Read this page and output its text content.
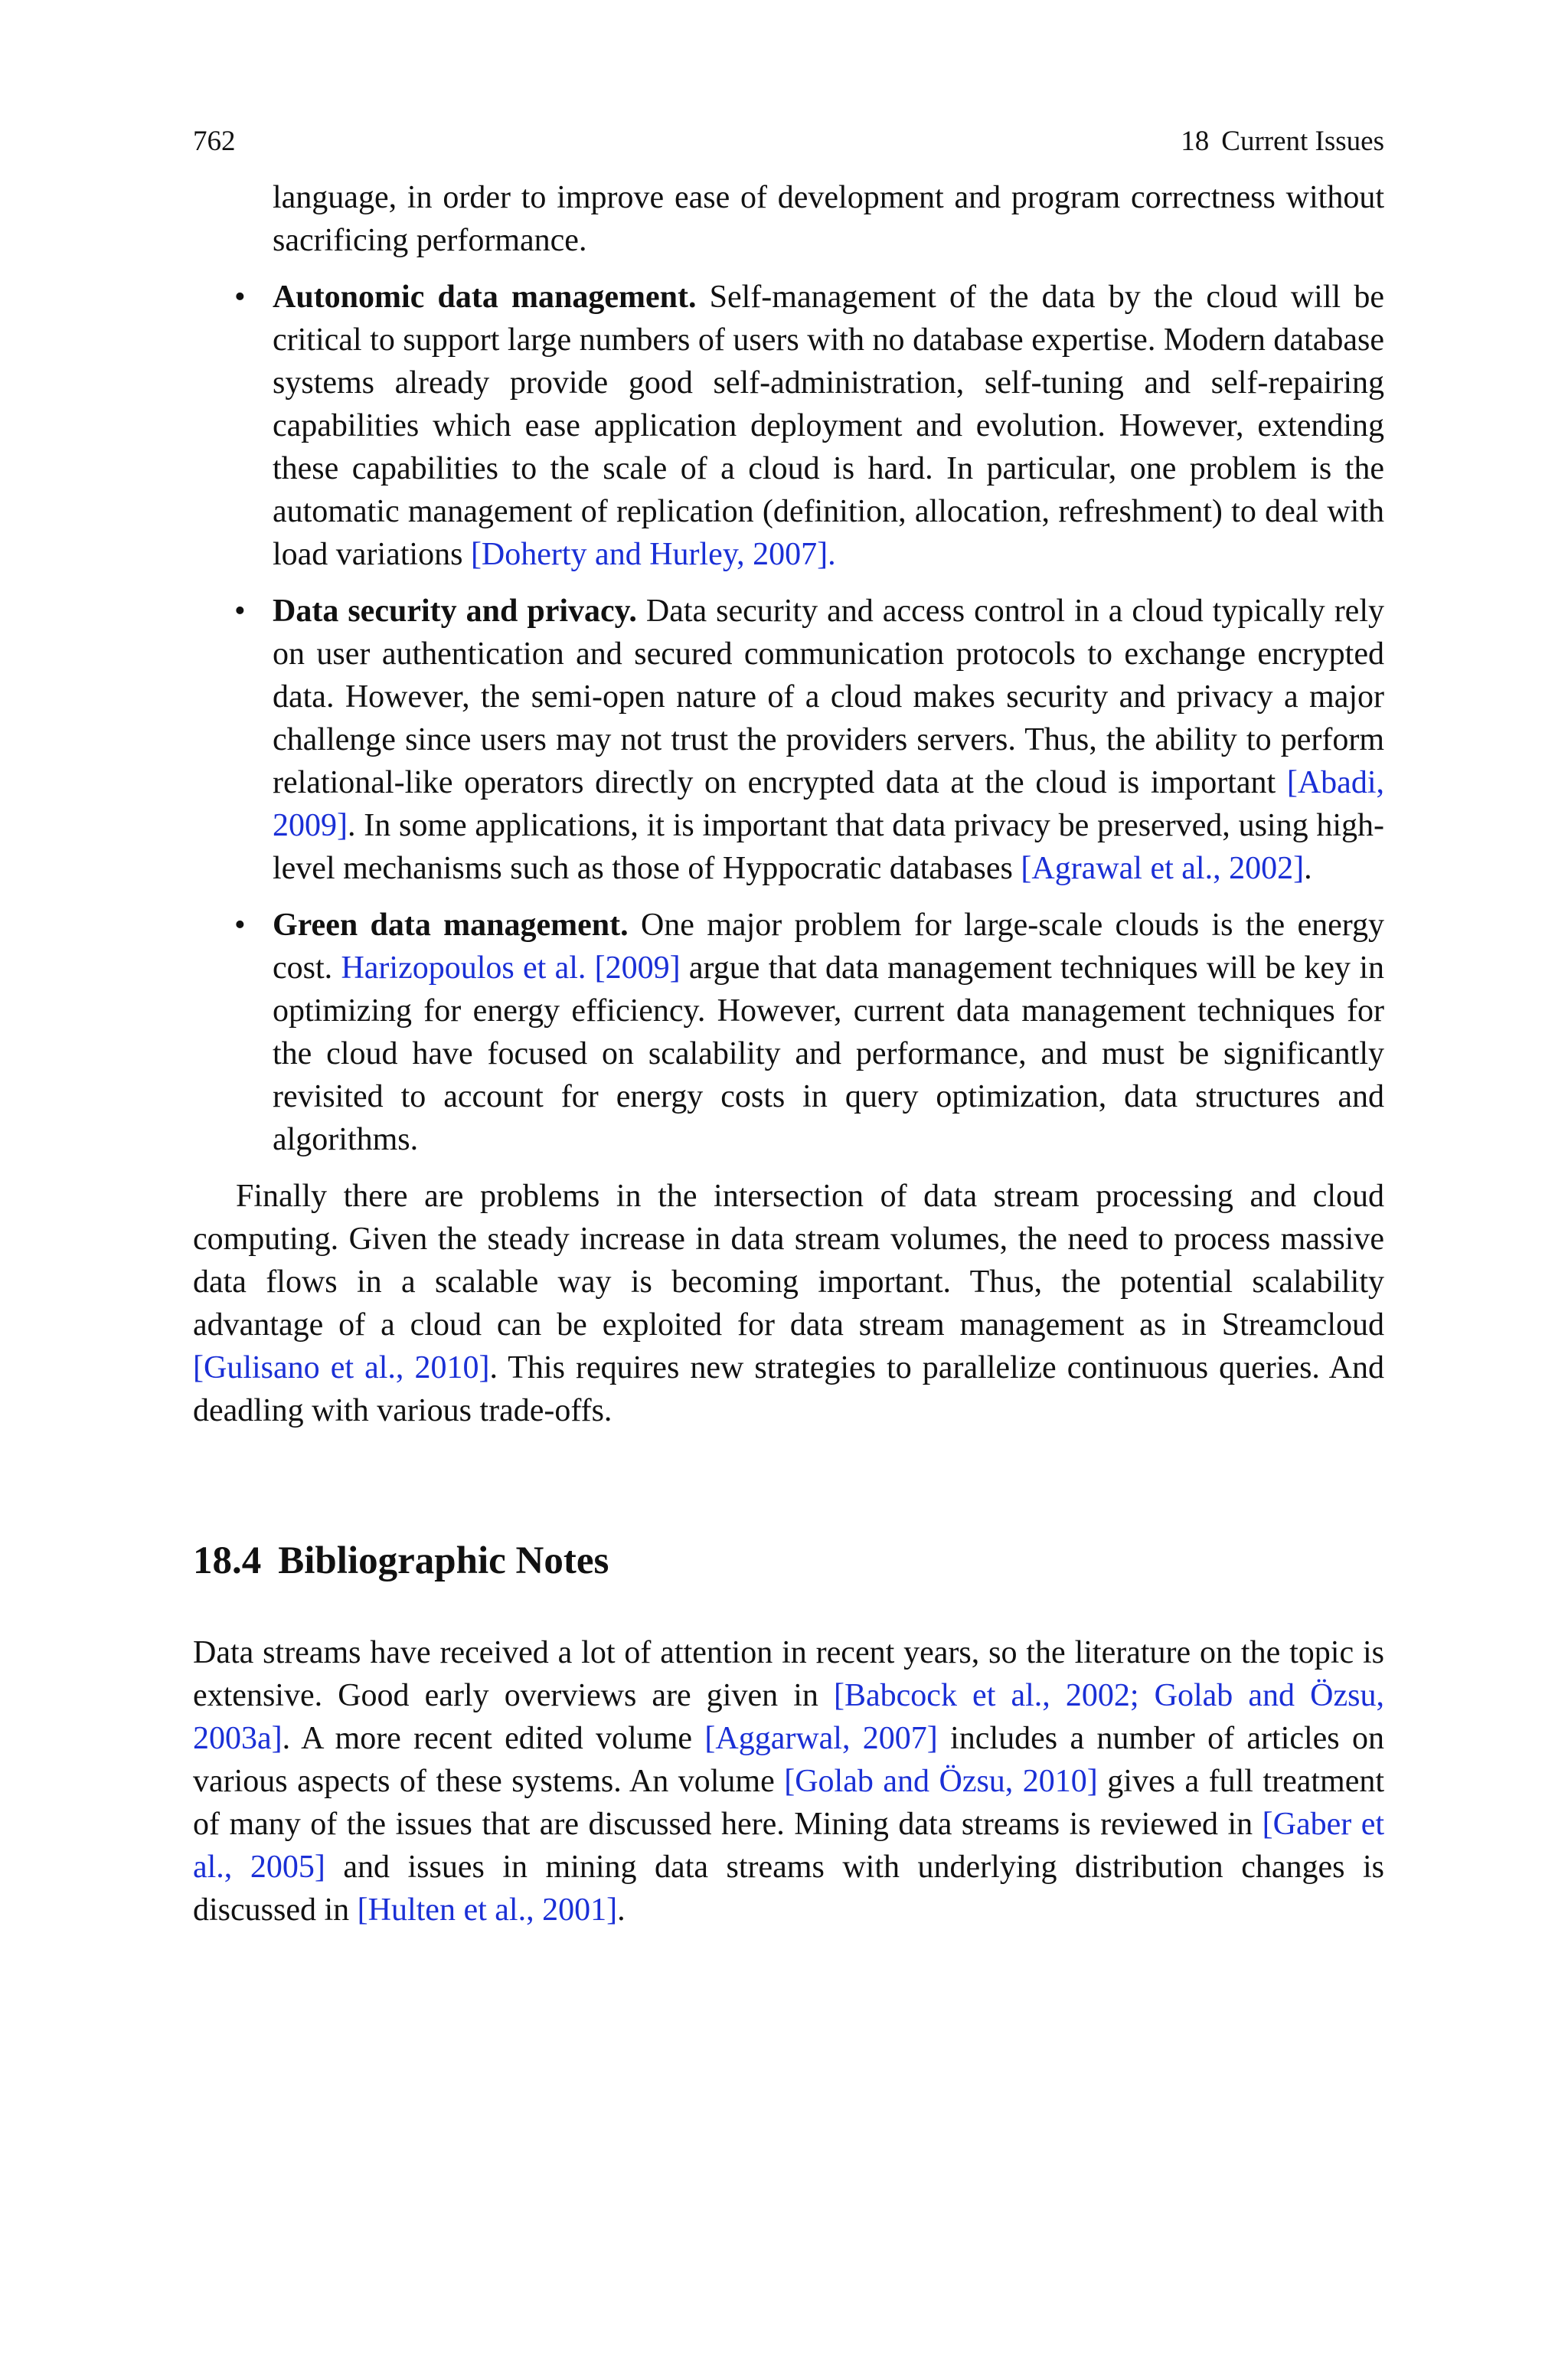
762	18 Current Issues

language, in order to improve ease of development and program correctness without sacrificing performance.

• Autonomic data management. Self-management of the data by the cloud will be critical to support large numbers of users with no database expertise. Modern database systems already provide good self-administration, self-tuning and self-repairing capabilities which ease application deployment and evolution. However, extending these capabilities to the scale of a cloud is hard. In particular, one problem is the automatic management of replication (definition, allocation, refreshment) to deal with load variations [Doherty and Hurley, 2007].

• Data security and privacy. Data security and access control in a cloud typically rely on user authentication and secured communication protocols to exchange encrypted data. However, the semi-open nature of a cloud makes security and privacy a major challenge since users may not trust the providers servers. Thus, the ability to perform relational-like operators directly on encrypted data at the cloud is important [Abadi, 2009]. In some applications, it is important that data privacy be preserved, using high-level mechanisms such as those of Hyppocratic databases [Agrawal et al., 2002].

• Green data management. One major problem for large-scale clouds is the energy cost. Harizopoulos et al. [2009] argue that data management techniques will be key in optimizing for energy efficiency. However, current data management techniques for the cloud have focused on scalability and performance, and must be significantly revisited to account for energy costs in query optimization, data structures and algorithms.

Finally there are problems in the intersection of data stream processing and cloud computing. Given the steady increase in data stream volumes, the need to process massive data flows in a scalable way is becoming important. Thus, the potential scalability advantage of a cloud can be exploited for data stream management as in Streamcloud [Gulisano et al., 2010]. This requires new strategies to parallelize continuous queries. And deadling with various trade-offs.

18.4 Bibliographic Notes

Data streams have received a lot of attention in recent years, so the literature on the topic is extensive. Good early overviews are given in [Babcock et al., 2002; Golab and Özsu, 2003a]. A more recent edited volume [Aggarwal, 2007] includes a number of articles on various aspects of these systems. An volume [Golab and Özsu, 2010] gives a full treatment of many of the issues that are discussed here. Mining data streams is reviewed in [Gaber et al., 2005] and issues in mining data streams with underlying distribution changes is discussed in [Hulten et al., 2001].
